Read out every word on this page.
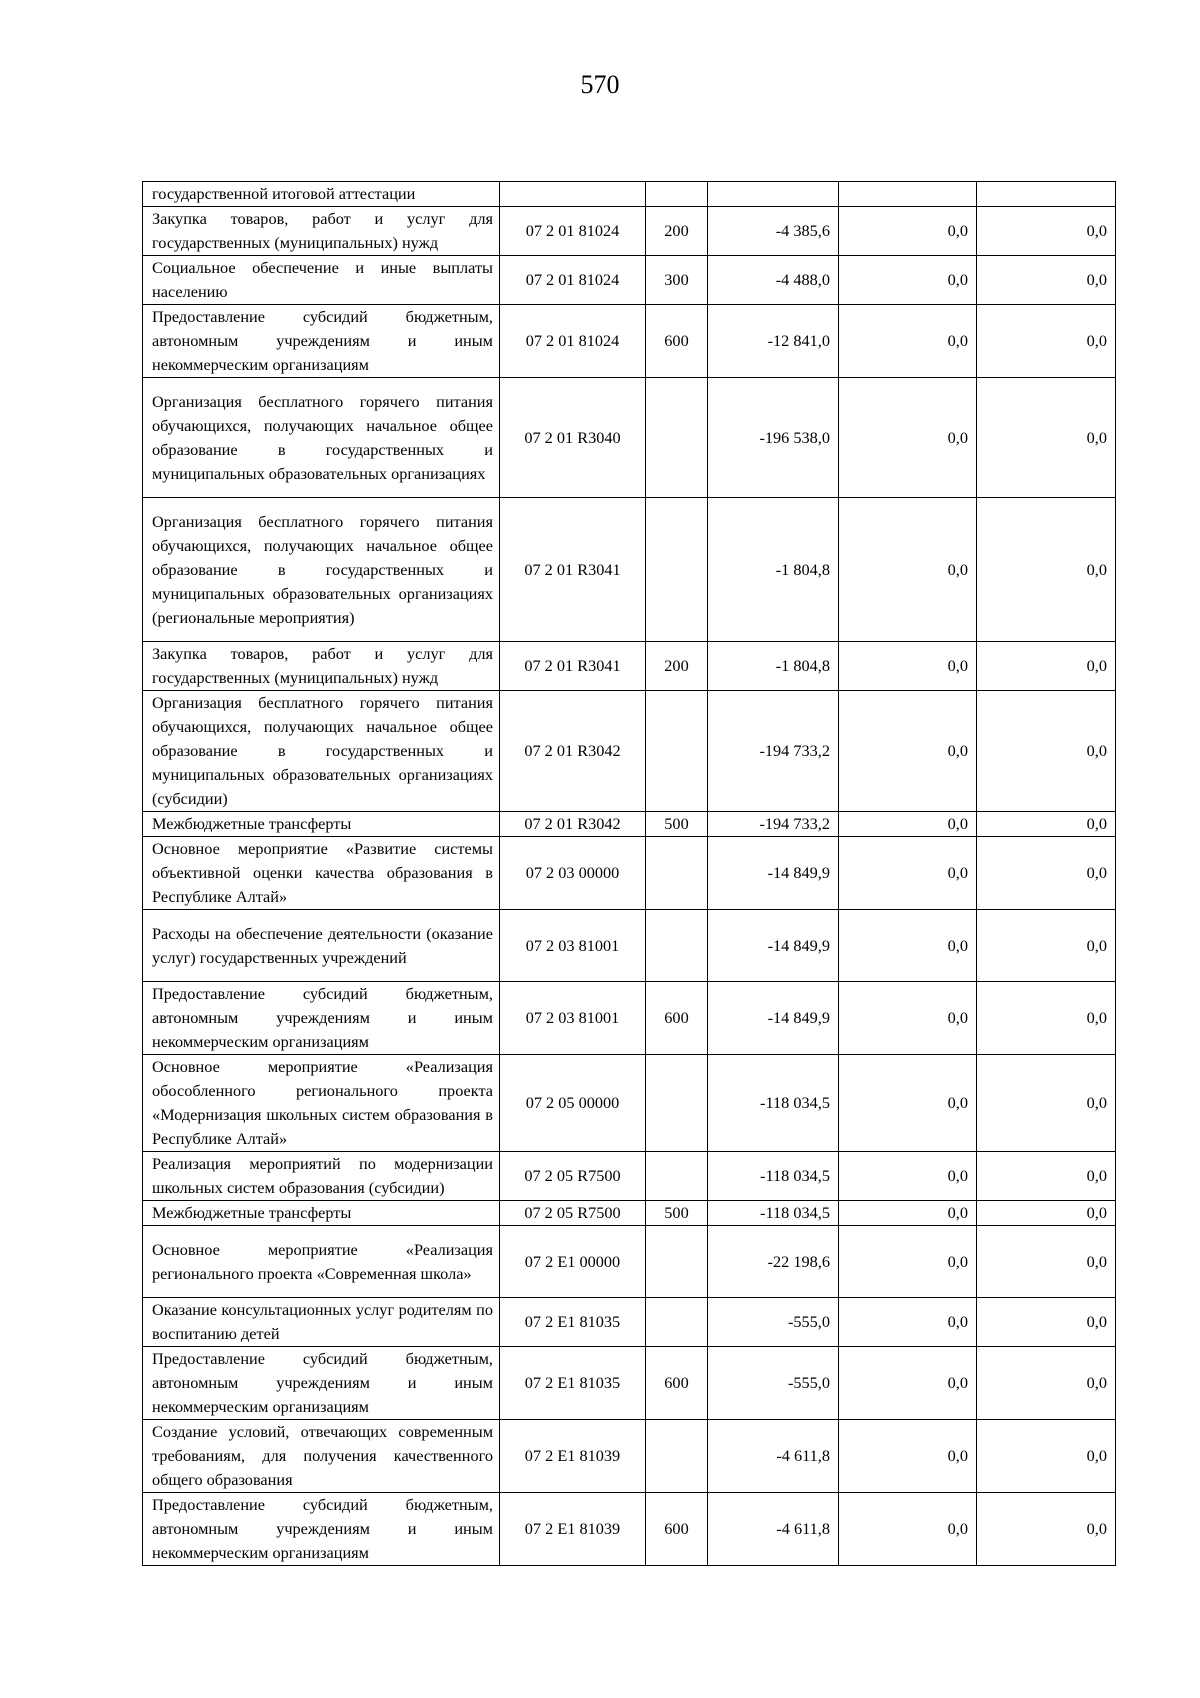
570
государственной итоговой аттестации					
Закупка товаров, работ и услуг для государственных (муниципальных) нужд	07 2 01 81024	200	-4 385,6	0,0	0,0
Социальное обеспечение и иные выплаты населению	07 2 01 81024	300	-4 488,0	0,0	0,0
Предоставление субсидий бюджетным, автономным учреждениям и иным некоммерческим организациям	07 2 01 81024	600	-12 841,0	0,0	0,0
Организация бесплатного горячего питания обучающихся, получающих начальное общее образование в государственных и муниципальных образовательных организациях	07 2 01 R3040		-196 538,0	0,0	0,0
Организация бесплатного горячего питания обучающихся, получающих начальное общее образование в государственных и муниципальных образовательных организациях (региональные мероприятия)	07 2 01 R3041		-1 804,8	0,0	0,0
Закупка товаров, работ и услуг для государственных (муниципальных) нужд	07 2 01 R3041	200	-1 804,8	0,0	0,0
Организация бесплатного горячего питания обучающихся, получающих начальное общее образование в государственных и муниципальных образовательных организациях (субсидии)	07 2 01 R3042		-194 733,2	0,0	0,0
Межбюджетные трансферты	07 2 01 R3042	500	-194 733,2	0,0	0,0
Основное мероприятие «Развитие системы объективной оценки качества образования в Республике Алтай»	07 2 03 00000		-14 849,9	0,0	0,0
Расходы на обеспечение деятельности (оказание услуг) государственных учреждений	07 2 03 81001		-14 849,9	0,0	0,0
Предоставление субсидий бюджетным, автономным учреждениям и иным некоммерческим организациям	07 2 03 81001	600	-14 849,9	0,0	0,0
Основное мероприятие «Реализация обособленного регионального проекта «Модернизация школьных систем образования в Республике Алтай»	07 2 05 00000		-118 034,5	0,0	0,0
Реализация мероприятий по модернизации школьных систем образования (субсидии)	07 2 05 R7500		-118 034,5	0,0	0,0
Межбюджетные трансферты	07 2 05 R7500	500	-118 034,5	0,0	0,0
Основное мероприятие «Реализация регионального проекта «Современная школа»	07 2 E1 00000		-22 198,6	0,0	0,0
Оказание консультационных услуг родителям по воспитанию детей	07 2 E1 81035		-555,0	0,0	0,0
Предоставление субсидий бюджетным, автономным учреждениям и иным некоммерческим организациям	07 2 E1 81035	600	-555,0	0,0	0,0
Создание условий, отвечающих современным требованиям, для получения качественного общего образования	07 2 E1 81039		-4 611,8	0,0	0,0
Предоставление субсидий бюджетным, автономным учреждениям и иным некоммерческим организациям	07 2 E1 81039	600	-4 611,8	0,0	0,0
